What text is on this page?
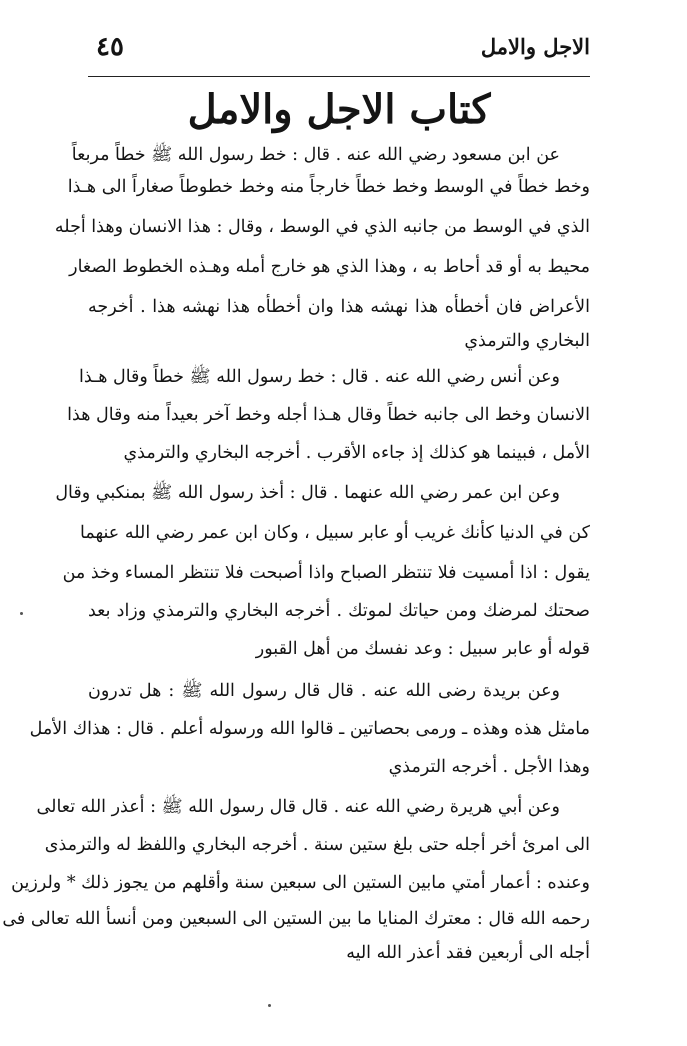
الاجل والامل
٤٥
كتاب الاجل والامل
عن ابن مسعود رضي الله عنه . قال : خط رسول الله ﷺ خطاً مربعاً
وخط خطاً في الوسط وخط خطاً خارجاً منه وخط خطوطاً صغاراً الى هـذا
الذي في الوسط من جانبه الذي في الوسط ، وقال : هذا الانسان وهذا أجله
محيط به أو قد أحاط به ، وهذا الذي هو خارج أمله وهـذه الخطوط الصغار
الأعراض فان أخطأه هذا نهشه هذا وان أخطأه هذا نهشه هذا . أخرجه
البخاري والترمذي
وعن أنس رضي الله عنه . قال : خط رسول الله ﷺ خطاً وقال هـذا
الانسان وخط الى جانبه خطاً وقال هـذا أجله وخط آخر بعيداً منه وقال هذا
الأمل ، فبينما هو كذلك إذ جاءه الأقرب . أخرجه البخاري والترمذي
وعن ابن عمر رضي الله عنهما . قال : أخذ رسول الله ﷺ بمنكبي وقال
كن في الدنيا كأنك غريب أو عابر سبيل ، وكان ابن عمر رضي الله عنهما
يقول : اذا أمسيت فلا تنتظر الصباح واذا أصبحت فلا تنتظر المساء وخذ من
صحتك لمرضك ومن حياتك لموتك . أخرجه البخاري والترمذي وزاد بعد
قوله أو عابر سبيل : وعد نفسك من أهل القبور
وعن بريدة رضى الله عنه . قال قال رسول الله ﷺ : هل تدرون
مامثل هذه وهذه ـ ورمى بحصاتين ـ قالوا الله ورسوله أعلم . قال : هذاك الأمل
وهذا الأجل . أخرجه الترمذي
وعن أبي هريرة رضي الله عنه . قال قال رسول الله ﷺ : أعذر الله تعالى
الى امرئ أخر أجله حتى بلغ ستين سنة . أخرجه البخاري واللفظ له والترمذى
وعنده : أعمار أمتي مابين الستين الى سبعين سنة وأقلهم من يجوز ذلك * ولرزين
رحمه الله قال : معترك المنايا ما بين الستين الى السبعين ومن أنسأ الله تعالى فى
أجله الى أربعين فقد أعذر الله اليه
